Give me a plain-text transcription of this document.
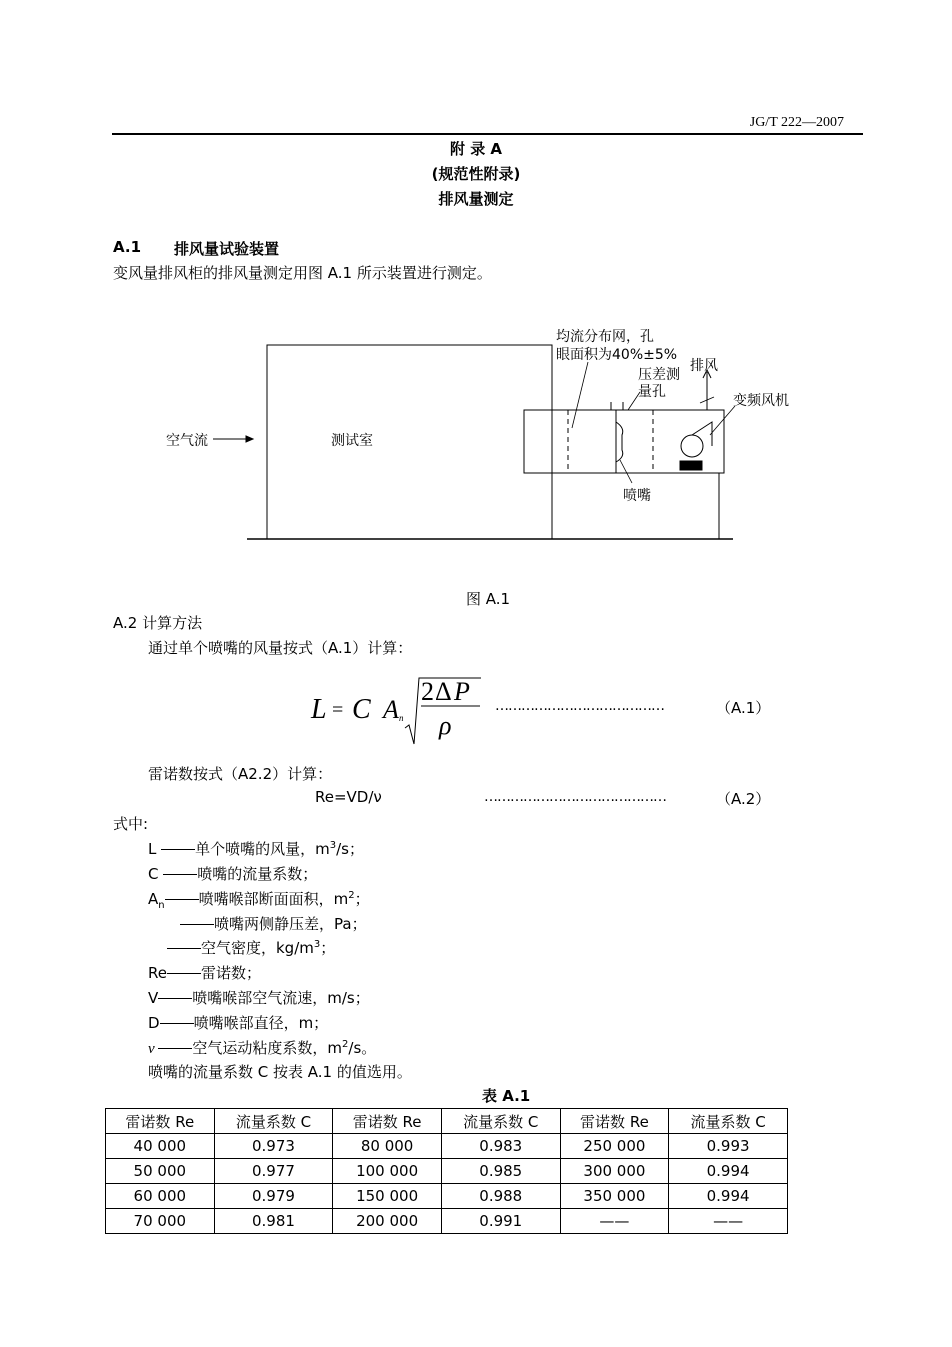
JG/T 222—2007
附 录 A
(规范性附录)
排风量测定
A.1 排风量试验装置
变风量排风柜的排风量测定用图 A.1 所示装置进行测定。
空气流	测试室
均流分布网，孔
眼面积为40%±5%
压差测
量孔
排风
变频风机
喷嘴
图 A.1
A.2 计算方法
通过单个喷嘴的风量按式（A.1）计算：
L = C A n
2 Δ P
ρ
…………………………………	（A.1）
雷诺数按式（A2.2）计算：
Re=VD/ν	……………………………………	（A.2）
式中:
L 单个喷嘴的风量，$m^3/s$；
C 喷嘴的流量系数；
$A_n$ 喷嘴喉部断面面积，$m^2$；
喷嘴两侧静压差，Pa；
空气密度，$kg/m^3$；
Re 雷诺数；
V 喷嘴喉部空气流速，m/s；
D 喷嘴喉部直径，m；
ν 空气运动粘度系数，$m^2/s$。
喷嘴的流量系数 C 按表 A.1 的值选用。
表 A.1
雷诺数 Re	流量系数 C	雷诺数 Re	流量系数 C	雷诺数 Re	流量系数 C
40 000	0.973	80 000	0.983	250 000	0.993
50 000	0.977	100 000	0.985	300 000	0.994
60 000	0.979	150 000	0.988	350 000	0.994
70 000	0.981	200 000	0.991	——	——
